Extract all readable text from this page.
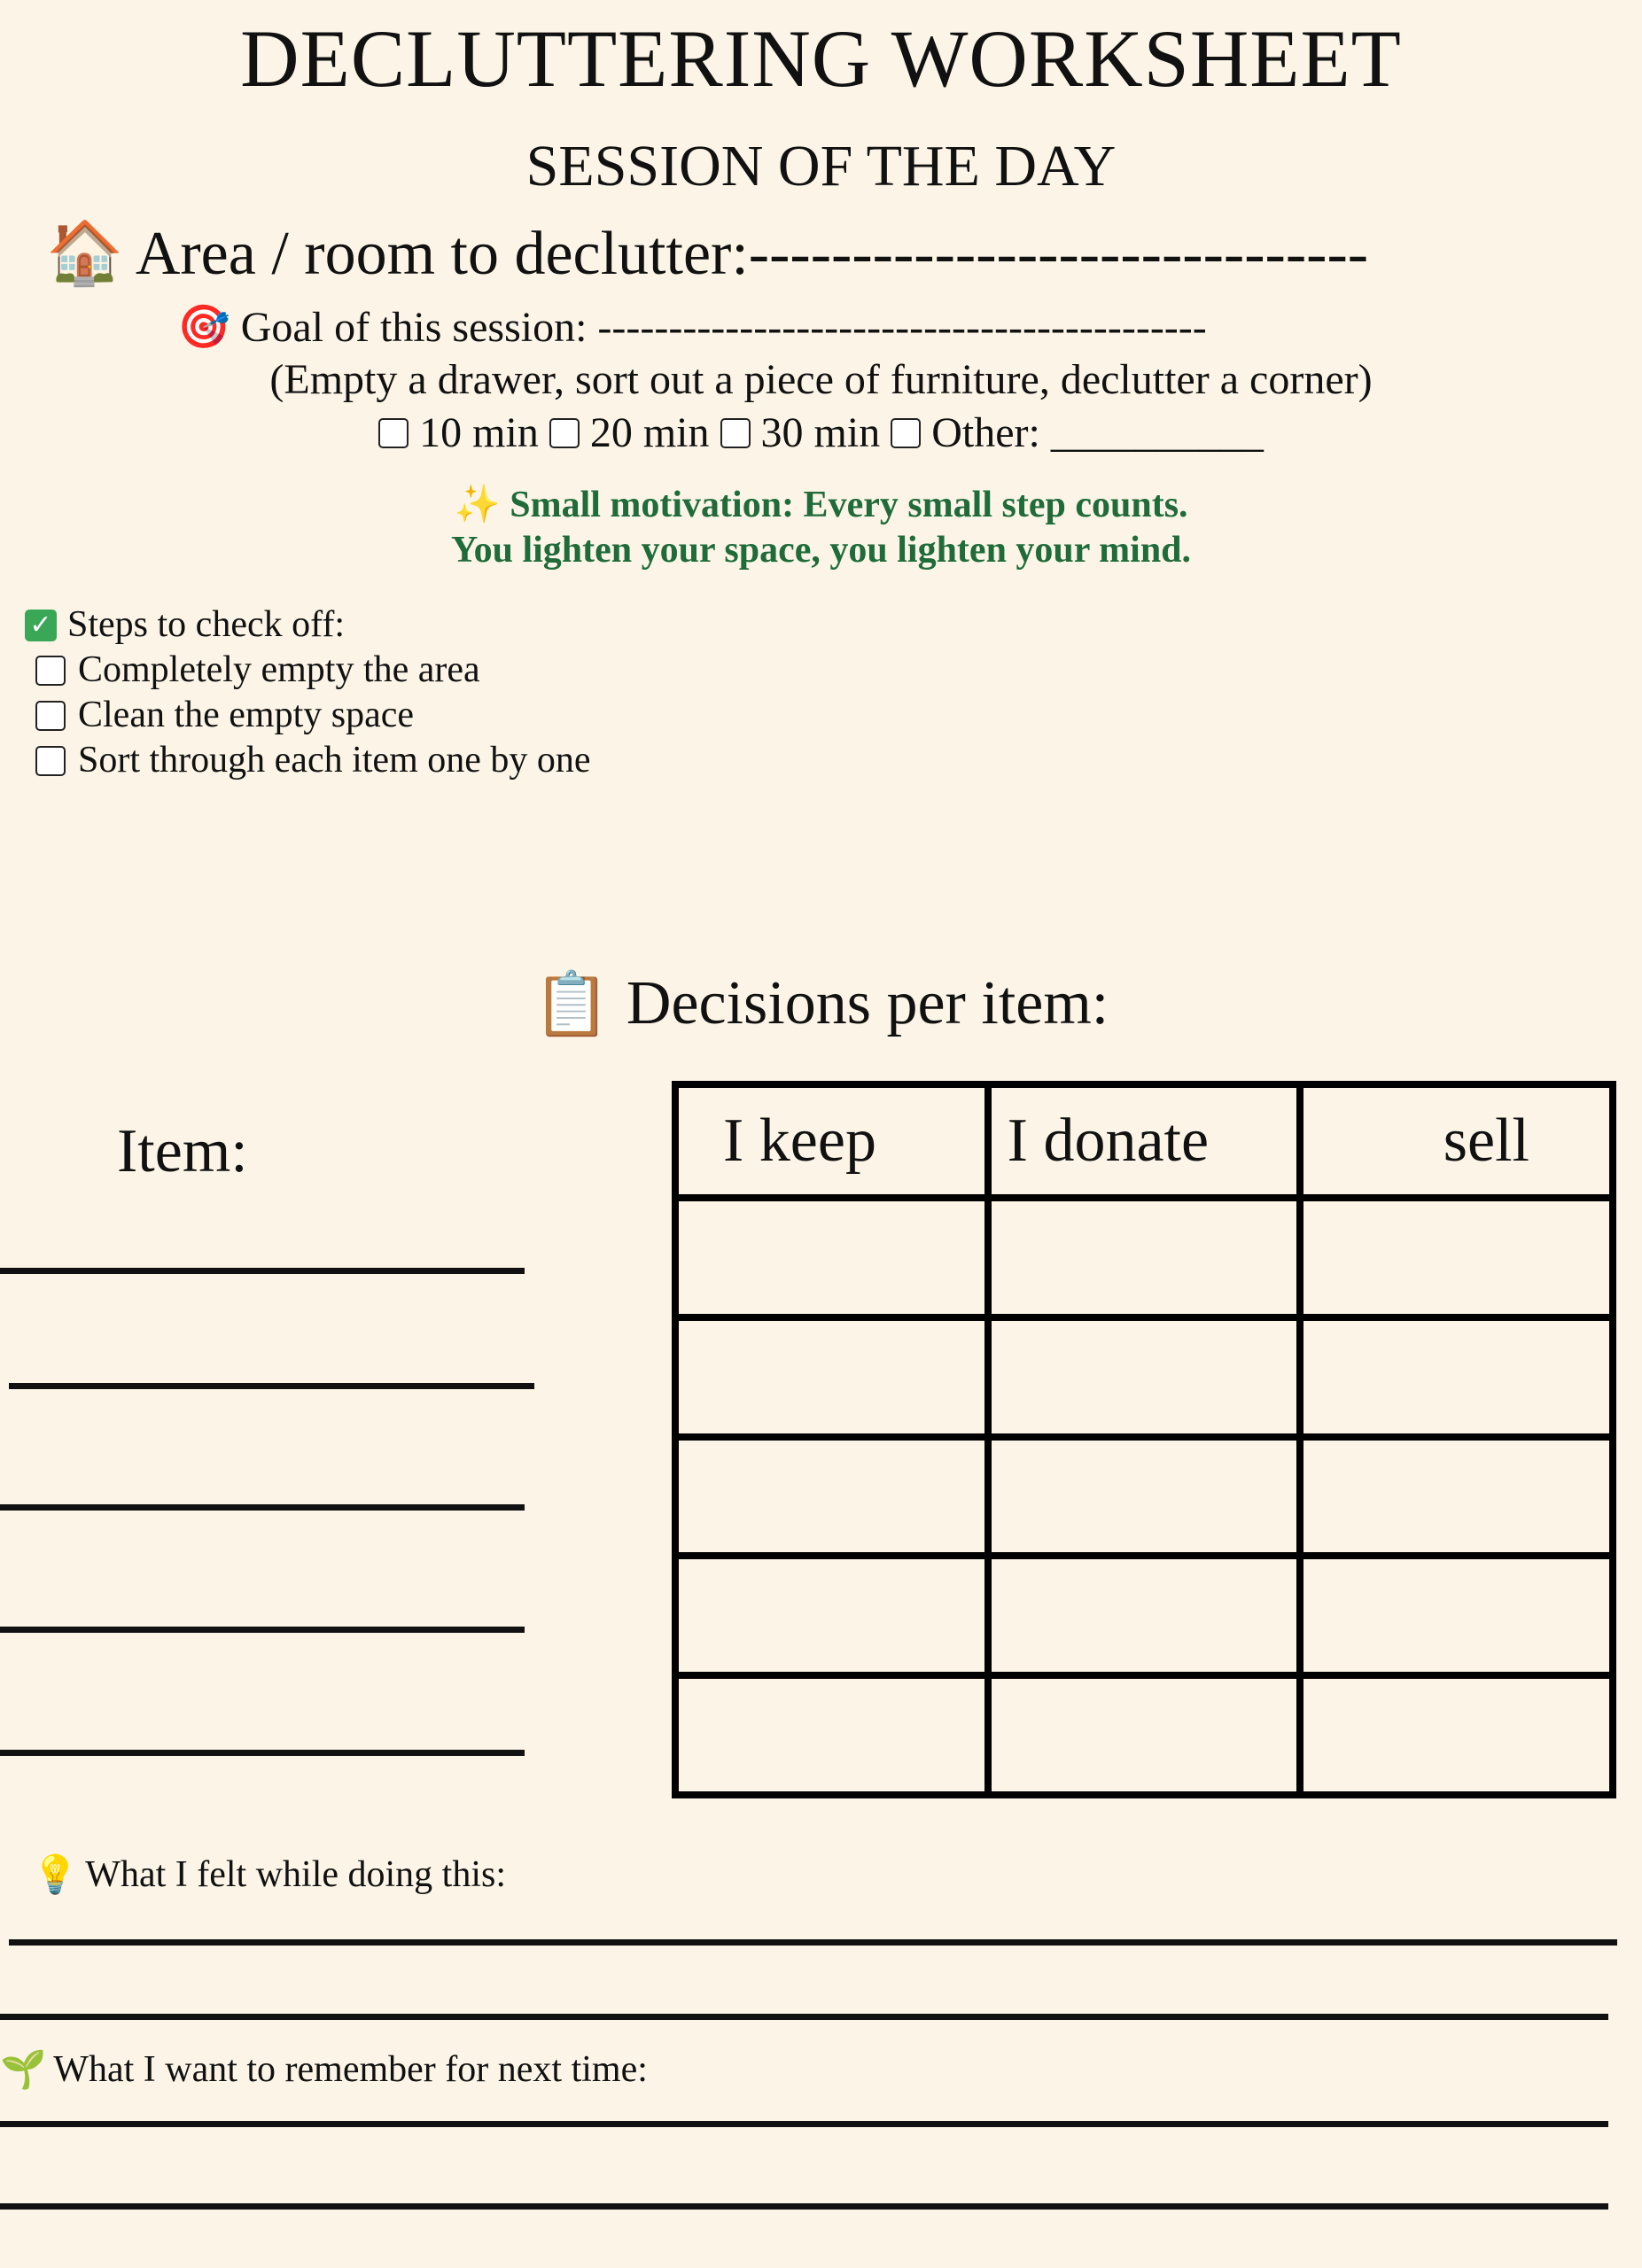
DECLUTTERING WORKSHEET
SESSION OF THE DAY
🏠 Area / room to declutter:------------------------------
🎯 Goal of this session: -------------------------------------------
(Empty a drawer, sort out a piece of furniture, declutter a corner)
10 min 20 min 30 min Other: __________
✨ Small motivation: Every small step counts.
You lighten your space, you lighten your mind.
✓ Steps to check off:
Completely empty the area
Clean the empty space
Sort through each item one by one
📋 Decisions per item:
Item:	I keep	I donate	sell

💡 What I felt while doing this:
🌱 What I want to remember for next time:
